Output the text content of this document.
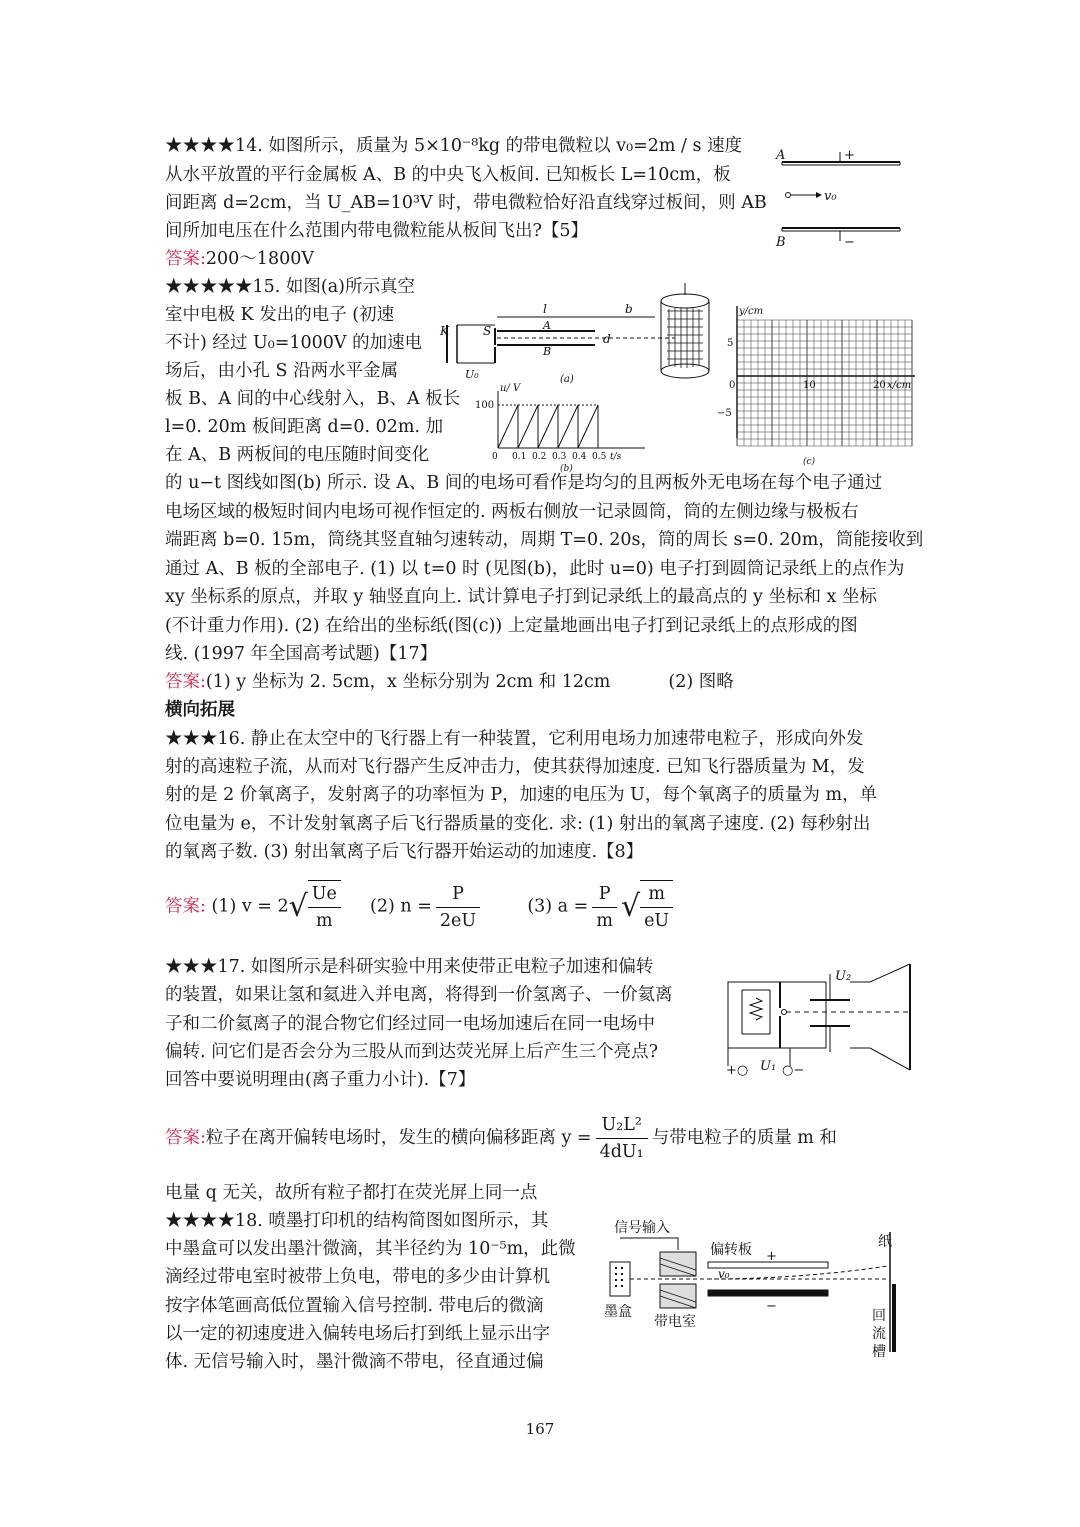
★★★★14. 如图所示，质量为 5×10⁻⁸kg 的带电微粒以 v₀=2m / s 速度
从水平放置的平行金属板 A、B 的中央飞入板间. 已知板长 L=10cm，板
间距离 d=2cm，当 U_AB=10³V 时，带电微粒恰好沿直线穿过板间，则 AB
间所加电压在什么范围内带电微粒能从板间飞出?【5】
答案:200～1800V
A
B
+
−
v₀
★★★★★15. 如图(a)所示真空
室中电极 K 发出的电子 (初速
不计) 经过 U₀=1000V 的加速电
场后，由小孔 S 沿两水平金属
板 B、A 间的中心线射入，B、A 板长
l=0. 20m 板间距离 d=0. 02m. 加
在 A、B 两板间的电压随时间变化
的 u−t 图线如图(b) 所示. 设 A、B 间的电场可看作是均匀的且两板外无电场在每个电子通过
电场区域的极短时间内电场可视作恒定的. 两板右侧放一记录圆筒，筒的左侧边缘与极板右
端距离 b=0. 15m，筒绕其竖直轴匀速转动，周期 T=0. 20s，筒的周长 s=0. 20m，筒能接收到
通过 A、B 板的全部电子. (1) 以 t=0 时 (见图(b)，此时 u=0) 电子打到圆筒记录纸上的点作为
xy 坐标系的原点，并取 y 轴竖直向上. 试计算电子打到记录纸上的最高点的 y 坐标和 x 坐标
(不计重力作用). (2) 在给出的坐标纸(图(c)) 上定量地画出电子打到记录纸上的点形成的图
线. (1997 年全国高考试题)【17】
答案:(1) y 坐标为 2. 5cm，x 坐标分别为 2cm 和 12cm	(2) 图略
K	S
l	b
d
A
B
U₀	(a)
u/ V
100
0 0.1 0.2 0.3 0.4 0.5 t/s
(b)
y/cm
5
0
−5
10	20 x/cm
(c)
横向拓展
★★★16. 静止在太空中的飞行器上有一种装置，它利用电场力加速带电粒子，形成向外发
射的高速粒子流，从而对飞行器产生反冲击力，使其获得加速度. 已知飞行器质量为 M，发
射的是 2 价氧离子，发射离子的功率恒为 P，加速的电压为 U，每个氧离子的质量为 m，单
位电量为 e，不计发射氧离子后飞行器质量的变化. 求: (1) 射出的氧离子速度. (2) 每秒射出
的氧离子数. (3) 射出氧离子后飞行器开始运动的加速度.【8】
答案: (1) $v = 2√ \frac{Ue}{m} (2) n = \frac{P}{2eU}$	(3) $a = \frac{P}{m}$ √ $\frac{m}{eU}$
★★★17. 如图所示是科研实验中用来使带正电粒子加速和偏转
的装置，如果让氢和氦进入并电离，将得到一价氢离子、一价氦离
子和二价氦离子的混合物它们经过同一电场加速后在同一电场中
偏转. 问它们是否会分为三股从而到达荧光屏上后产生三个亮点?
回答中要说明理由(离子重力小计).【7】	+○	○−
U₁
U₂
答案:粒子在离开偏转电场时，发生的横向偏移距离 $y = \frac{\text{U₂L²}}{\text{4dU₁}}$ 与带电粒子的质量 m 和
电量 q 无关，故所有粒子都打在荧光屏上同一点
★★★★18. 喷墨打印机的结构简图如图所示，其
中墨盒可以发出墨汁微滴，其半径约为 10⁻⁵m，此微
滴经过带电室时被带上负电，带电的多少由计算机
按字体笔画高低位置输入信号控制. 带电后的微滴
以一定的初速度进入偏转电场后打到纸上显示出字
体. 无信号输入时，墨汁微滴不带电，径直通过偏
信号输入
墨盒
带电室
偏转板 +
−
v₀
纸
回
流
槽
167
